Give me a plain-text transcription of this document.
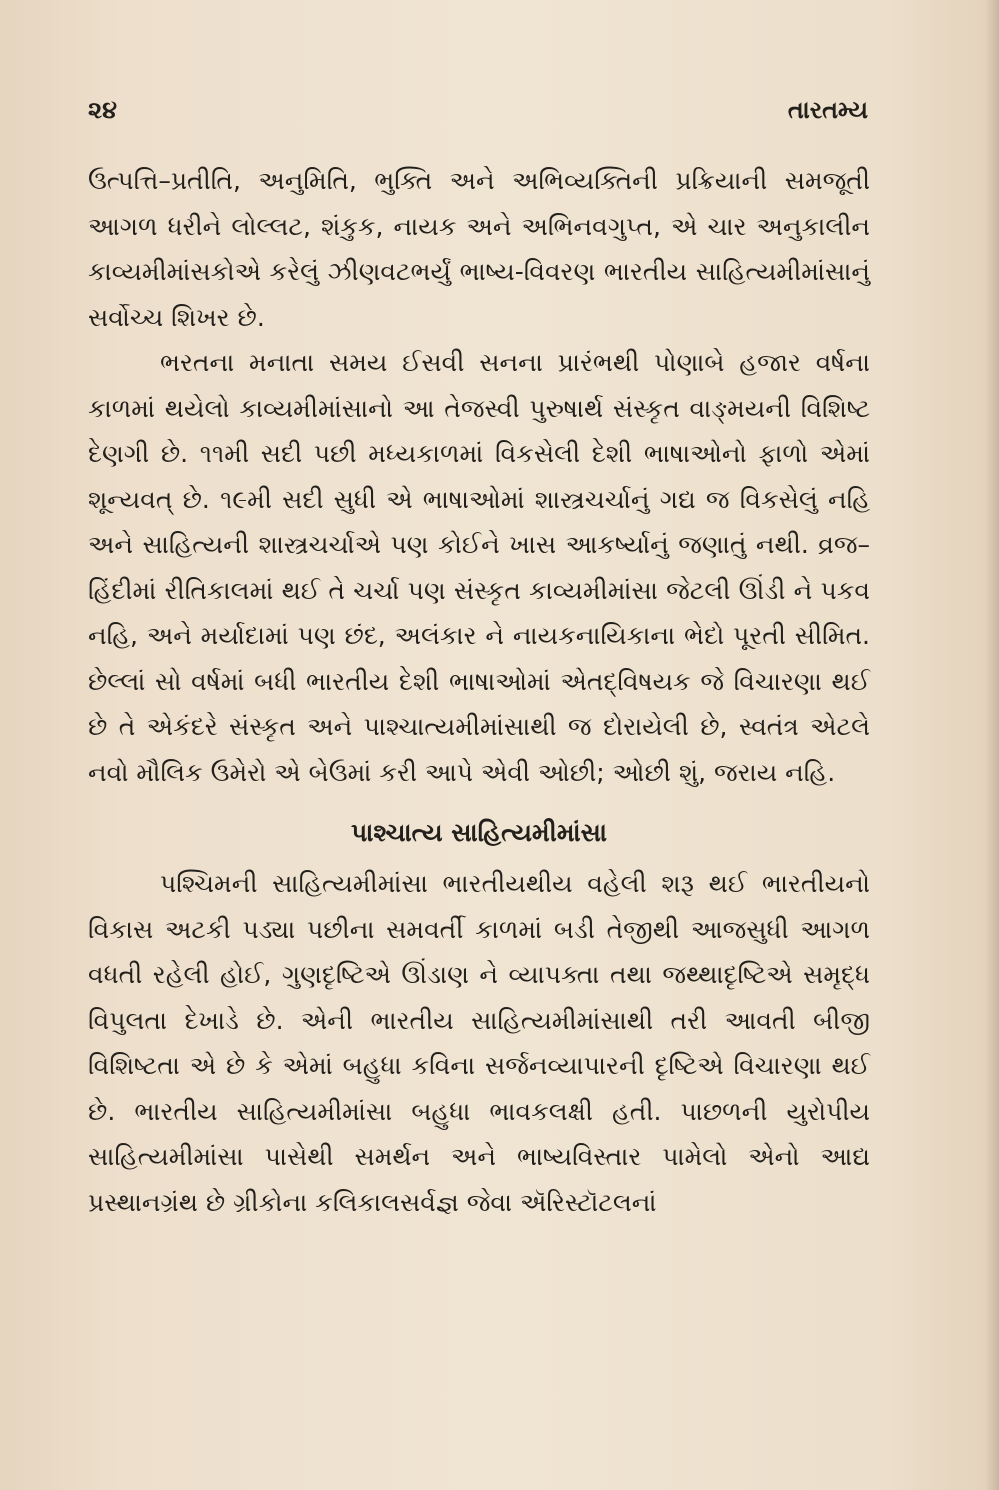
૨૪	તારતમ્ય

ઉત્પત્તિ–પ્રતીતિ, અનુમિતિ, ભુક્તિ અને અભિવ્યક્તિની પ્રક્રિયાની સમજૂતી આગળ ધરીને લોલ્લટ, શંકુક, નાયક અને અભિનવગુપ્ત, એ ચાર અનુકાલીન કાવ્યમીમાંસકોએ કરેલું ઝીણવટભર્યું ભાષ્ય-વિવરણ ભારતીય સાહિત્યમીમાંસાનું સર્વોચ્ચ શિખર છે.

ભરતના મનાતા સમય ઈસવી સનના પ્રારંભથી પોણાબે હજાર વર્ષના કાળમાં થયેલો કાવ્યમીમાંસાનો આ તેજસ્વી પુરુષાર્થ સંસ્કૃત વાઙ્મયની વિશિષ્ટ દેણગી છે. ૧૧મી સદી પછી મધ્યકાળમાં વિકસેલી દેશી ભાષાઓનો ફાળો એમાં શૂન્યવત્ છે. ૧૯મી સદી સુધી એ ભાષાઓમાં શાસ્ત્રચર્ચાનું ગદ્ય જ વિકસેલું નહિ અને સાહિત્યની શાસ્ત્રચર્ચાએ પણ કોઈને ખાસ આકર્ષ્યાનું જણાતું નથી. વ્રજ–હિંદીમાં રીતિકાલમાં થઈ તે ચર્ચા પણ સંસ્કૃત કાવ્યમીમાંસા જેટલી ઊંડી ને પકવ નહિ, અને મર્યાદામાં પણ છંદ, અલંકાર ને નાયકનાયિકાના ભેદો પૂરતી સીમિત. છેલ્લાં સો વર્ષમાં બધી ભારતીય દેશી ભાષાઓમાં એતદ્‌વિષયક જે વિચારણા થઈ છે તે એકંદરે સંસ્કૃત અને પાશ્ચાત્યમીમાંસાથી જ દોરાયેલી છે, સ્વતંત્ર એટલે નવો મૌલિક ઉમેરો એ બેઉમાં કરી આપે એવી ઓછી; ઓછી શું, જરાય નહિ.

પાશ્ચાત્ય સાહિત્યમીમાંસા

પશ્ચિમની સાહિત્યમીમાંસા ભારતીયથીય વહેલી શરૂ થઈ ભારતીયનો વિકાસ અટકી પડ્યા પછીના સમવર્તી કાળમાં બડી તેજીથી આજસુધી આગળ વધતી રહેલી હોઈ, ગુણદૃષ્ટિએ ઊંડાણ ને વ્યાપક્તા તથા જથ્થાદૃષ્ટિએ સમૃદ્ધ વિપુલતા દેખાડે છે. એની ભારતીય સાહિત્યમીમાંસાથી તરી આવતી બીજી વિશિષ્ટતા એ છે કે એમાં બહુધા કવિના સર્જનવ્યાપારની દૃષ્ટિએ વિચારણા થઈ છે. ભારતીય સાહિત્યમીમાંસા બહુધા ભાવકલક્ષી હતી. પાછળની યુરોપીય સાહિત્યમીમાંસા પાસેથી સમર્થન અને ભાષ્યવિસ્તાર પામેલો એનો આદ્ય પ્રસ્થાનગ્રંથ છે ગ્રીકોના કલિકાલસર્વજ્ઞ જેવા ઍરિસ્ટૉટલનાં
